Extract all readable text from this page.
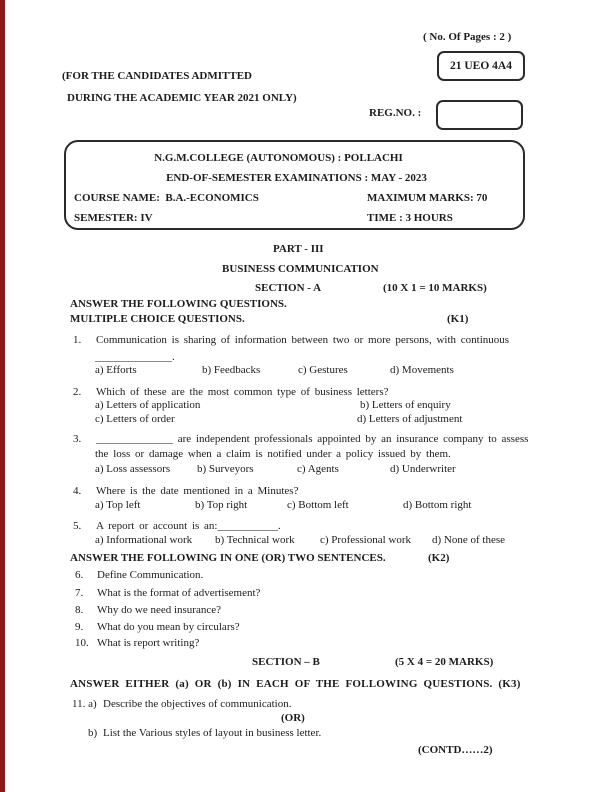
( No. Of Pages : 2 )
21 UEO 4A4
(FOR THE CANDIDATES ADMITTED
DURING THE ACADEMIC YEAR 2021 ONLY)
REG.NO. :
N.G.M.COLLEGE (AUTONOMOUS) : POLLACHI
END-OF-SEMESTER EXAMINATIONS : MAY - 2023
COURSE NAME:  B.A.-ECONOMICS	MAXIMUM MARKS: 70
SEMESTER: IV	TIME : 3 HOURS
PART - III
BUSINESS COMMUNICATION
SECTION - A	(10 X 1 = 10 MARKS)
ANSWER THE FOLLOWING QUESTIONS.
MULTIPLE CHOICE QUESTIONS.	(K1)
1. Communication is sharing of information between two or more persons, with continuous
______________.

a) Efforts

	b) Feedbacks

	c) Gestures

	d) Movements

2. Which of these are the most common type of business letters?

a) Letters of application

	b) Letters of enquiry

c) Letters of order

	d) Letters of adjustment

3. ______________ are independent professionals appointed by an insurance company to assess
the loss or damage when a claim is notified under a policy issued by them.

a) Loss assessors

b) Surveyors

	c) Agents

	d) Underwriter

4. Where is the date mentioned in a Minutes?

a) Top left

	b) Top right

	c) Bottom left

	d) Bottom right

5. A report or account is an:___________.

a) Informational work

b) Technical work

c) Professional work

d) None of these

ANSWER THE FOLLOWING IN ONE (OR) TWO SENTENCES.	(K2)
6. Define Communication.
7. What is the format of advertisement?
8. Why do we need insurance?
9. What do you mean by circulars?
10. What is report writing?
SECTION – B	(5 X 4 = 20 MARKS)
ANSWER EITHER (a) OR (b) IN EACH OF THE FOLLOWING QUESTIONS. (K3)
11. a) Describe the objectives of communication.
(OR)
b) List the Various styles of layout in business letter.
(CONTD……2)
